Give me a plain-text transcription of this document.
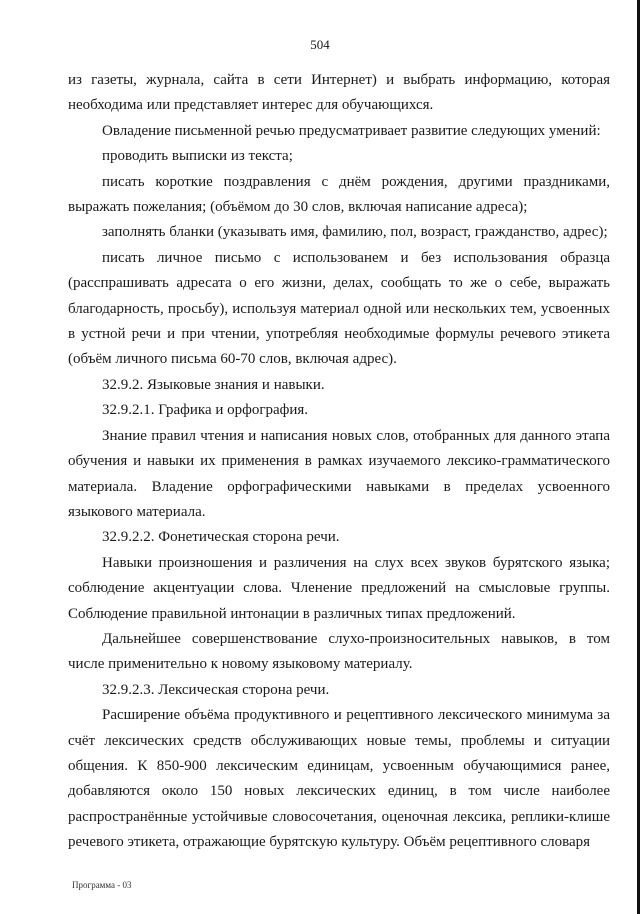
504

из газеты, журнала, сайта в сети Интернет) и выбрать информацию, которая необходима или представляет интерес для обучающихся.

Овладение письменной речью предусматривает развитие следующих умений:

проводить выписки из текста;

писать короткие поздравления с днём рождения, другими праздниками, выражать пожелания; (объёмом до 30 слов, включая написание адреса);

заполнять бланки (указывать имя, фамилию, пол, возраст, гражданство, адрес);

писать личное письмо с использованем и без использования образца (расспрашивать адресата о его жизни, делах, сообщать то же о себе, выражать благодарность, просьбу), используя материал одной или нескольких тем, усвоенных в устной речи и при чтении, употребляя необходимые формулы речевого этикета (объём личного письма 60-70 слов, включая адрес).

32.9.2. Языковые знания и навыки.

32.9.2.1. Графика и орфография.

Знание правил чтения и написания новых слов, отобранных для данного этапа обучения и навыки их применения в рамках изучаемого лексико-грамматического материала. Владение орфографическими навыками в пределах усвоенного языкового материала.

32.9.2.2. Фонетическая сторона речи.

Навыки произношения и различения на слух всех звуков бурятского языка; соблюдение акцентуации слова. Членение предложений на смысловые группы. Соблюдение правильной интонации в различных типах предложений.

Дальнейшее совершенствование слухо-произносительных навыков, в том числе применительно к новому языковому материалу.

32.9.2.3. Лексическая сторона речи.

Расширение объёма продуктивного и рецептивного лексического минимума за счёт лексических средств обслуживающих новые темы, проблемы и ситуации общения. К 850-900 лексическим единицам, усвоенным обучающимися ранее, добавляются около 150 новых лексических единиц, в том числе наиболее распространённые устойчивые словосочетания, оценочная лексика, реплики-клише речевого этикета, отражающие бурятскую культуру. Объём рецептивного словаря

Программа - 03
